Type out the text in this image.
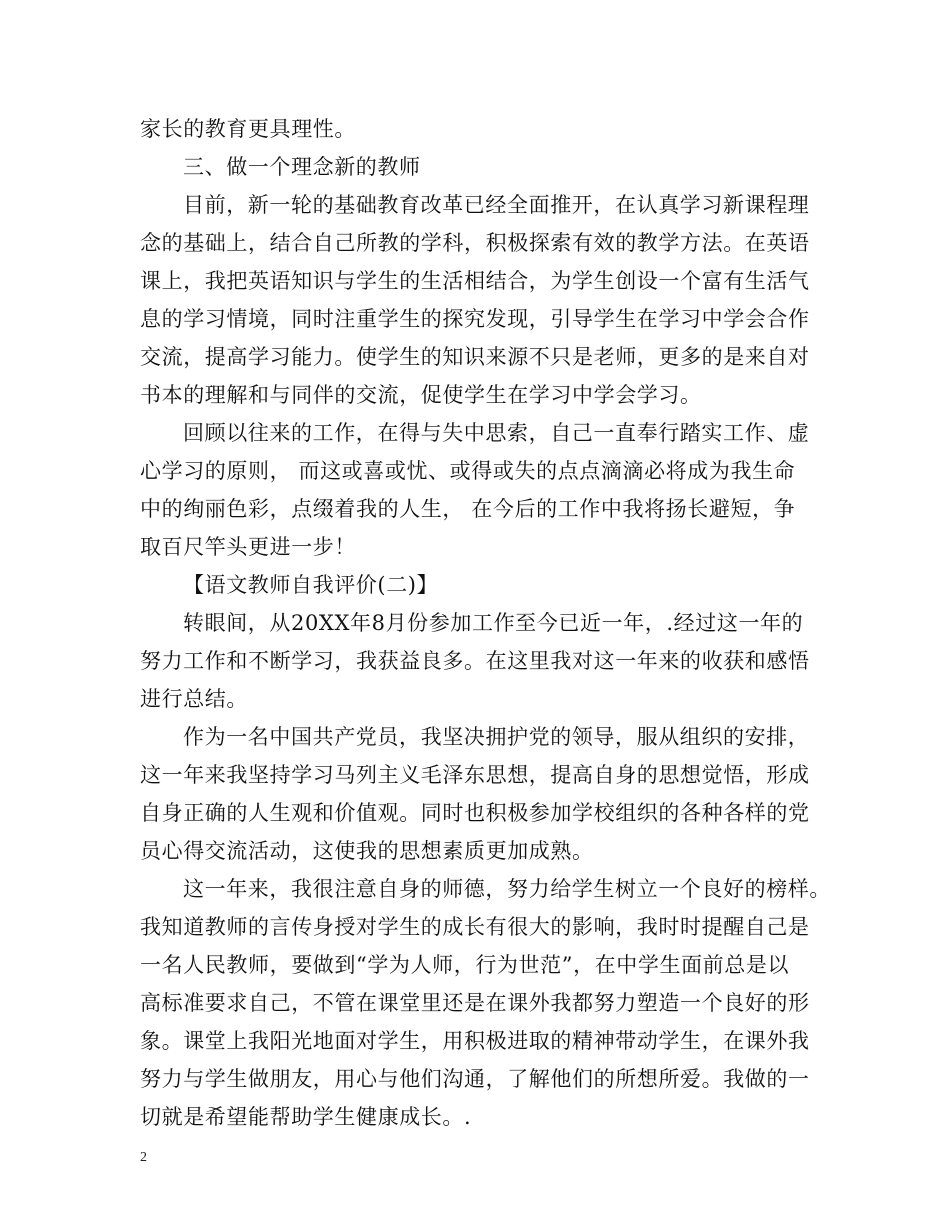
家长的教育更具理性。
三、做一个理念新的教师
目前，新一轮的基础教育改革已经全面推开，在认真学习新课程理
念的基础上，结合自己所教的学科，积极探索有效的教学方法。在英语
课上，我把英语知识与学生的生活相结合，为学生创设一个富有生活气
息的学习情境，同时注重学生的探究发现，引导学生在学习中学会合作
交流，提高学习能力。使学生的知识来源不只是老师，更多的是来自对
书本的理解和与同伴的交流，促使学生在学习中学会学习。
回顾以往来的工作，在得与失中思索，自己一直奉行踏实工作、虚
心学习的原则， 而这或喜或忧、或得或失的点点滴滴必将成为我生命
中的绚丽色彩，点缀着我的人生， 在今后的工作中我将扬长避短，争
取百尺竿头更进一步！
【语文教师自我评价(二)】
转眼间，从20XX年8月份参加工作至今已近一年，.经过这一年的
努力工作和不断学习，我获益良多。在这里我对这一年来的收获和感悟
进行总结。
作为一名中国共产党员，我坚决拥护党的领导，服从组织的安排，
这一年来我坚持学习马列主义毛泽东思想，提高自身的思想觉悟，形成
自身正确的人生观和价值观。同时也积极参加学校组织的各种各样的党
员心得交流活动，这使我的思想素质更加成熟。
这一年来，我很注意自身的师德，努力给学生树立一个良好的榜样。
我知道教师的言传身授对学生的成长有很大的影响，我时时提醒自己是
一名人民教师，要做到“学为人师，行为世范”，在中学生面前总是以
高标准要求自己，不管在课堂里还是在课外我都努力塑造一个良好的形
象。课堂上我阳光地面对学生，用积极进取的精神带动学生，在课外我
努力与学生做朋友，用心与他们沟通，了解他们的所想所爱。我做的一
切就是希望能帮助学生健康成长。.
2
